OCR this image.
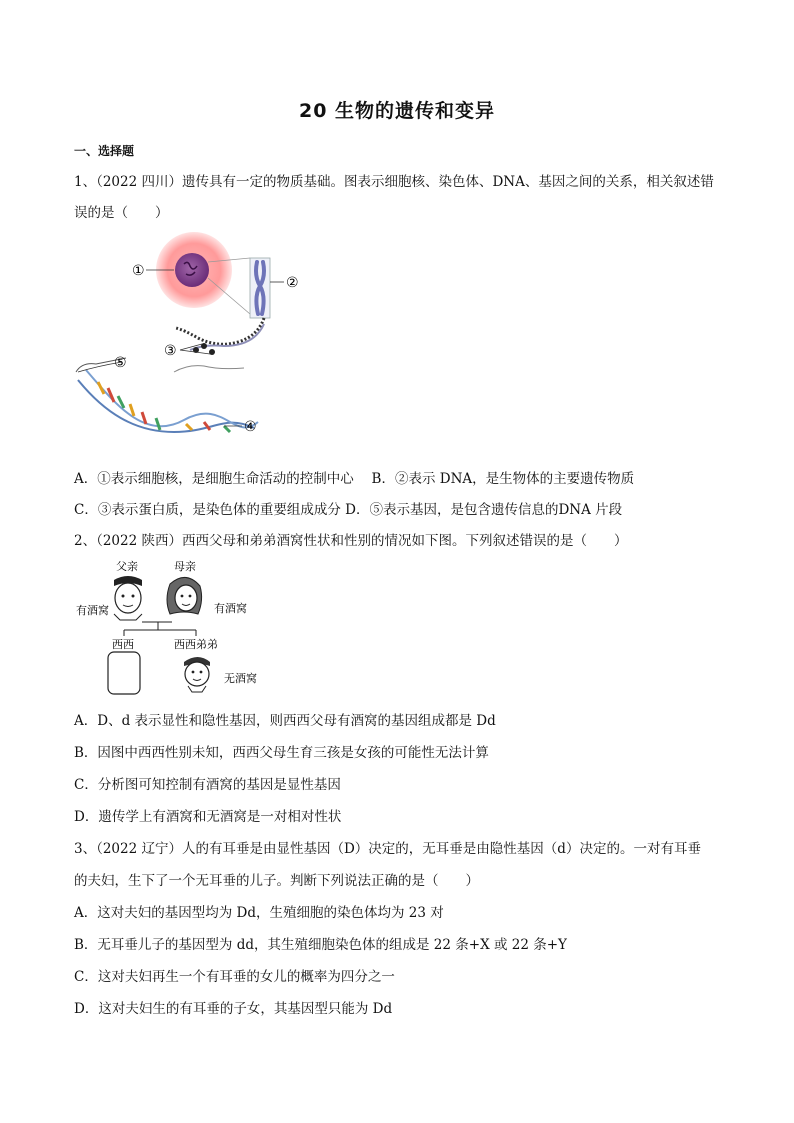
20 生物的遗传和变异
一、选择题
1、（2022 四川）遗传具有一定的物质基础。图表示细胞核、染色体、DNA、基因之间的关系，相关叙述错
误的是（　　）
①
②
③
④
⑤
A．①表示细胞核，是细胞生命活动的控制中心　 B．②表示 DNA，是生物体的主要遗传物质
C．③表示蛋白质，是染色体的重要组成成分 D．⑤表示基因，是包含遗传信息的DNA 片段
2、（2022 陕西）西西父母和弟弟酒窝性状和性别的情况如下图。下列叙述错误的是（　　）
父亲	母亲
有酒窝	有酒窝
西西	西西弟弟
无酒窝
A．D、d 表示显性和隐性基因，则西西父母有酒窝的基因组成都是 Dd
B．因图中西西性别未知，西西父母生育三孩是女孩的可能性无法计算
C．分析图可知控制有酒窝的基因是显性基因
D．遗传学上有酒窝和无酒窝是一对相对性状
3、（2022 辽宁）人的有耳垂是由显性基因（D）决定的，无耳垂是由隐性基因（d）决定的。一对有耳垂
的夫妇，生下了一个无耳垂的儿子。判断下列说法正确的是（　　）
A．这对夫妇的基因型均为 Dd，生殖细胞的染色体均为 23 对
B．无耳垂儿子的基因型为 dd，其生殖细胞染色体的组成是 22 条+X 或 22 条+Y
C．这对夫妇再生一个有耳垂的女儿的概率为四分之一
D．这对夫妇生的有耳垂的子女，其基因型只能为 Dd
